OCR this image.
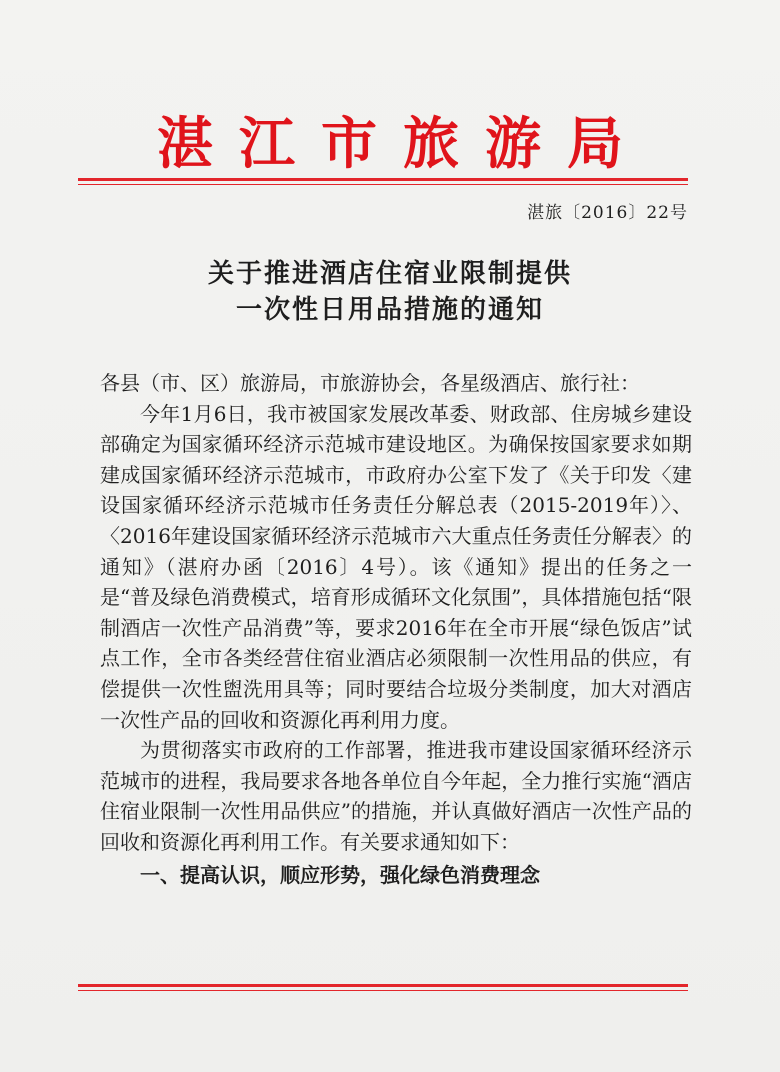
湛江市旅游局
湛旅〔2016〕22号
关于推进酒店住宿业限制提供
一次性日用品措施的通知

各县（市、区）旅游局，市旅游协会，各星级酒店、旅行社：

今年1月6日，我市被国家发展改革委、财政部、住房城乡建设部确定为国家循环经济示范城市建设地区。为确保按国家要求如期建成国家循环经济示范城市，市政府办公室下发了《关于印发〈建设国家循环经济示范城市任务责任分解总表（2015-2019年）〉、〈2016年建设国家循环经济示范城市六大重点任务责任分解表〉的通知》（湛府办函〔2016〕4号）。该《通知》提出的任务之一是“普及绿色消费模式，培育形成循环文化氛围”，具体措施包括“限制酒店一次性产品消费”等，要求2016年在全市开展“绿色饭店”试点工作，全市各类经营住宿业酒店必须限制一次性用品的供应，有偿提供一次性盥洗用具等；同时要结合垃圾分类制度，加大对酒店一次性产品的回收和资源化再利用力度。

为贯彻落实市政府的工作部署，推进我市建设国家循环经济示范城市的进程，我局要求各地各单位自今年起，全力推行实施“酒店住宿业限制一次性用品供应”的措施，并认真做好酒店一次性产品的回收和资源化再利用工作。有关要求通知如下：

一、提高认识，顺应形势，强化绿色消费理念
